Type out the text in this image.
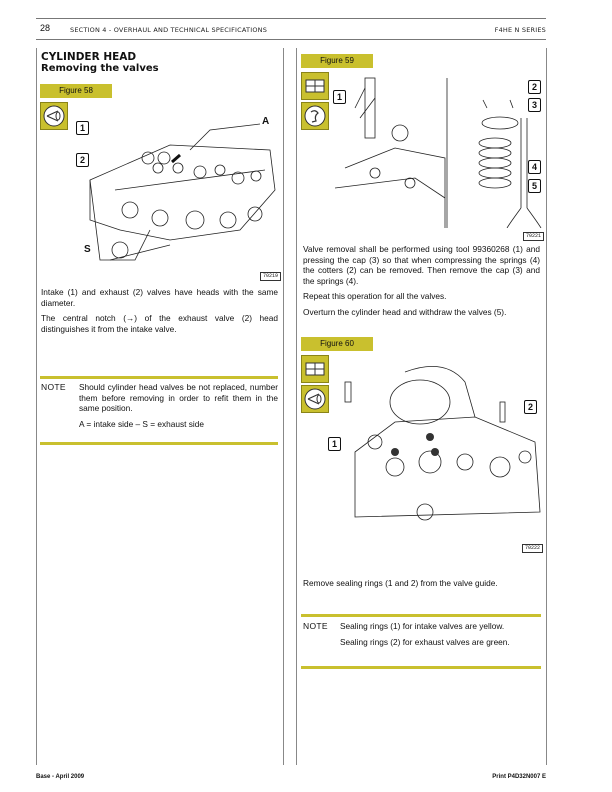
28	SECTION 4 - OVERHAUL AND TECHNICAL SPECIFICATIONS	F4HE N SERIES
CYLINDER HEAD
Removing the valves
Figure 58
1
2
A
S
70219

Intake (1) and exhaust (2) valves have heads with the same diameter.

The central notch (→) of the exhaust valve (2) head distinguishes it from the intake valve.

NOTE Should cylinder head valves be not replaced, number them before removing in order to refit them in the same position.

A = intake side – S = exhaust side

Figure 59
1
2
3
4
5
70221

Valve removal shall be performed using tool 99360268 (1) and pressing the cap (3) so that when compressing the springs (4) the cotters (2) can be removed. Then remove the cap (3) and the springs (4).

Repeat this operation for all the valves.

Overturn the cylinder head and withdraw the valves (5).

Figure 60
1
2
70222

Remove sealing rings (1 and 2) from the valve guide.

NOTE Sealing rings (1) for intake valves are yellow.

Sealing rings (2) for exhaust valves are green.

Base - April 2009	Print P4D32N007 E
